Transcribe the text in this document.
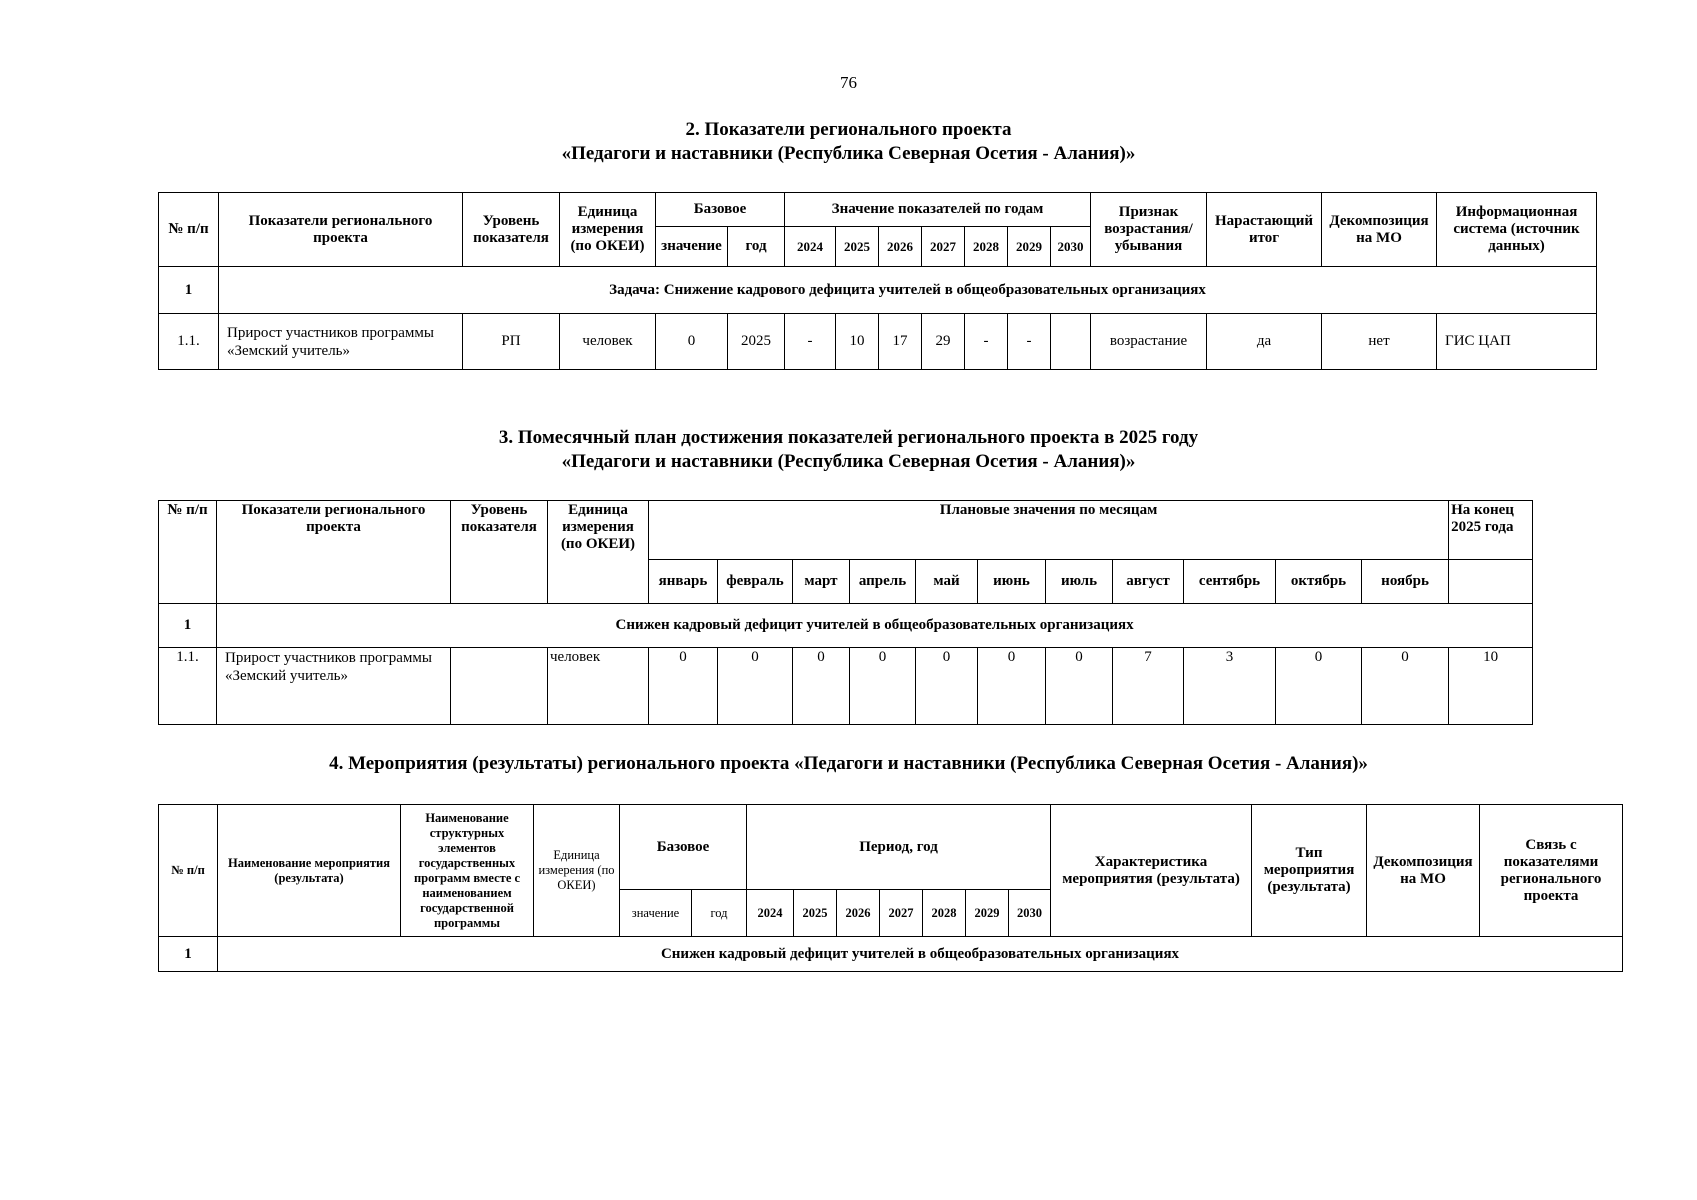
76
2. Показатели регионального проекта
«Педагоги и наставники (Республика Северная Осетия - Алания)»
№ п/п	Показатели регионального проекта	Уровень показателя	Единица измерения (по ОКЕИ)	Базовое		Значение показателей по годам							Признак возрастания/ убывания	Нарастающий итог	Декомпозиция на МО	Информационная система (источник данных)
				значение	год	2024	2025	2026	2027	2028	2029	2030				
1	Задача: Снижение кадрового дефицита учителей в общеобразовательных организациях															
1.1.	Прирост участников программы «Земский учитель»	РП	человек	0	2025	-	10	17	29	-	-		возрастание	да	нет	ГИС ЦАП
3. Помесячный план достижения показателей регионального проекта в 2025 году
«Педагоги и наставники (Республика Северная Осетия - Алания)»
№ п/п	Показатели регионального проекта	Уровень показателя	Единица измерения (по ОКЕИ)	Плановые значения по месяцам											На конец 2025 года
				январь	февраль	март	апрель	май	июнь	июль	август	сентябрь	октябрь	ноябрь	
1	Снижен кадровый дефицит учителей в общеобразовательных организациях														
1.1.	Прирост участников программы «Земский учитель»		человек	0	0	0	0	0	0	0	7	3	0	0	10
4. Мероприятия (результаты) регионального проекта «Педагоги и наставники (Республика Северная Осетия - Алания)»
№ п/п	Наименование мероприятия (результата)	Наименование структурных элементов государственных программ вместе с наименованием государственной программы	Единица измерения (по ОКЕИ)	Базовое		Период, год							Характеристика мероприятия (результата)	Тип мероприятия (результата)	Декомпозиция на МО	Связь с показателями регионального проекта
				значение	год	2024	2025	2026	2027	2028	2029	2030				
1	Снижен кадровый дефицит учителей в общеобразовательных организациях															
